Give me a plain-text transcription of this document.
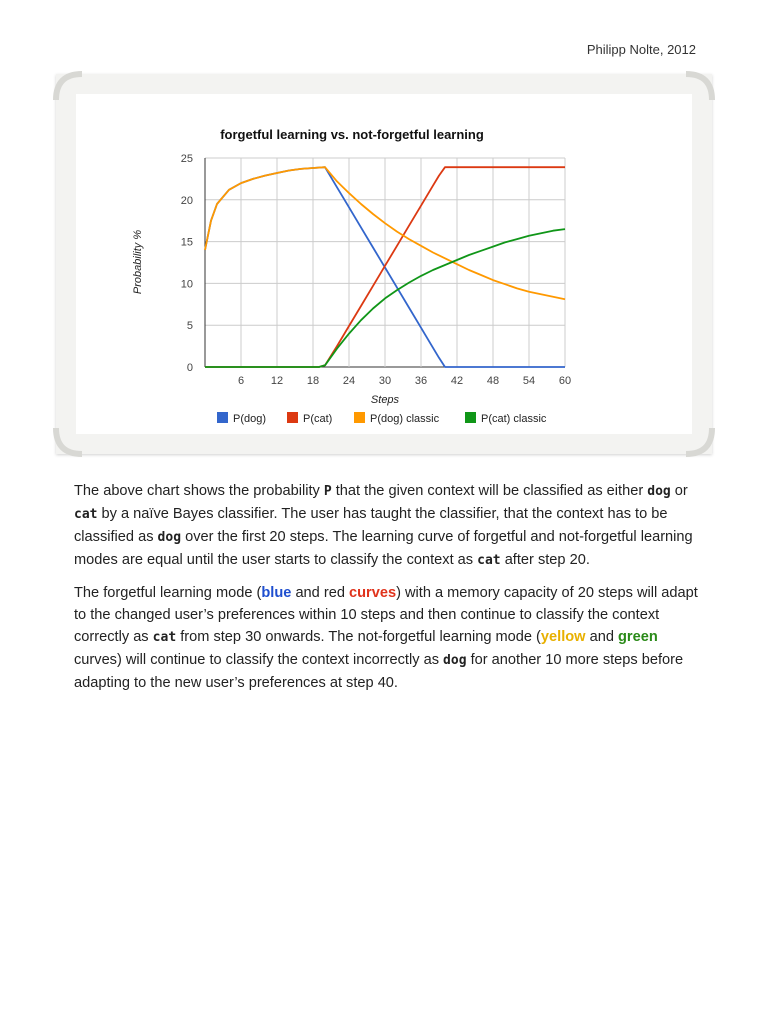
Philipp Nolte, 2012
0
5
10
15
20
25
6 12 18 24 30 36 42 48 54 60
forgetful learning vs. not-forgetful learning
Steps
Probability %
P(dog)	P(cat)	P(dog) classic	P(cat) classic

The above chart shows the probability P that the given context will be classified as either dog or cat by a naïve Bayes classifier. The user has taught the classifier, that the context has to be classified as dog over the first 20 steps. The learning curve of forgetful and not-forgetful learning modes are equal until the user starts to classify the context as cat after step 20.

The forgetful learning mode (blue and red curves) with a memory capacity of 20 steps will adapt to the changed user’s preferences within 10 steps and then continue to classify the context correctly as cat from step 30 onwards. The not-forgetful learning mode (yellow and green curves) will continue to classify the context incorrectly as dog for another 10 more steps before adapting to the new user’s preferences at step 40.
